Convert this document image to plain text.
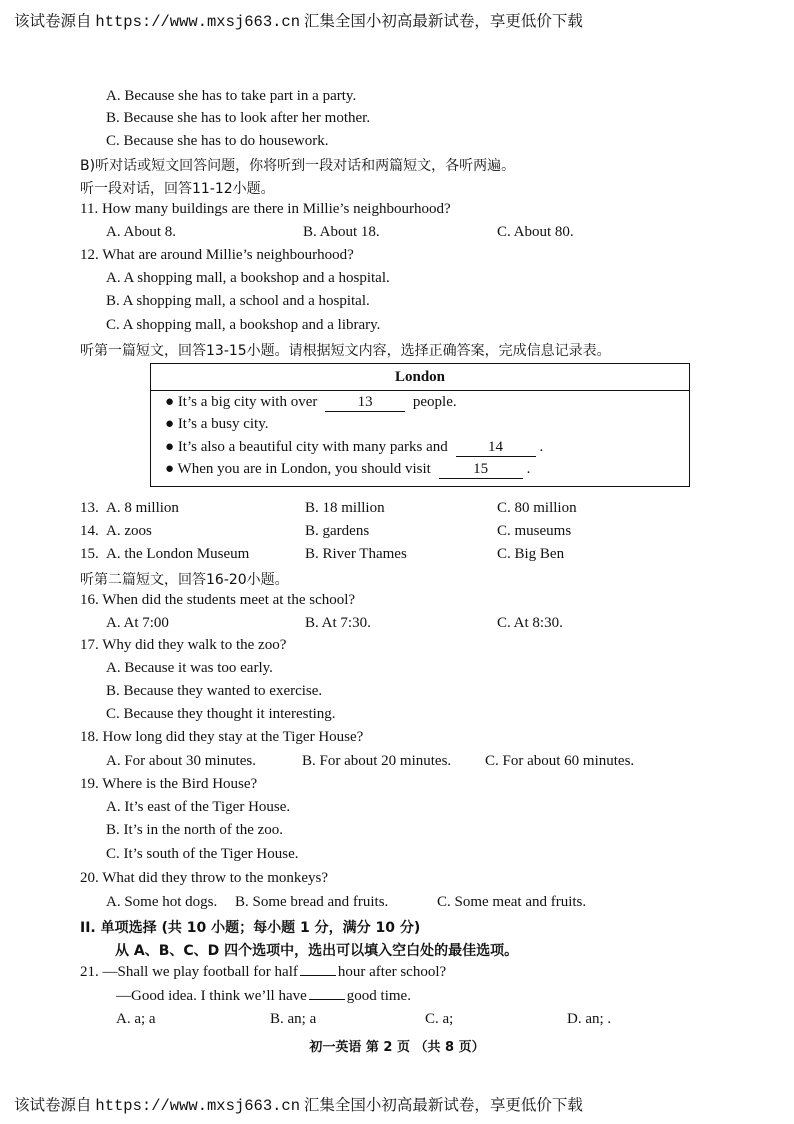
该试卷源自 https://www.mxsj663.cn 汇集全国小初高最新试卷，享更低价下载
A. Because she has to take part in a party.
B. Because she has to look after her mother.
C. Because she has to do housework.
B)听对话或短文回答问题，你将听到一段对话和两篇短文，各听两遍。
听一段对话，回答11-12小题。
11. How many buildings are there in Millie’s neighbourhood?
A. About 8.	B. About 18.	C. About 80.
12. What are around Millie’s neighbourhood?
A. A shopping mall, a bookshop and a hospital.
B. A shopping mall, a school and a hospital.
C. A shopping mall, a bookshop and a library.
听第一篇短文，回答13-15小题。请根据短文内容，选择正确答案，完成信息记录表。
London
● It’s a big city with over	13	people.
● It’s a busy city.
● It’s also a beautiful city with many parks and	14 .
● When you are in London, you should visit	15	.
13. A. 8 million	B. 18 million	C. 80 million
14. A. zoos	B. gardens	C. museums
15. A. the London Museum	B. River Thames	C. Big Ben
听第二篇短文，回答16-20小题。
16. When did the students meet at the school?
A. At 7:00	B. At 7:30.	C. At 8:30.
17. Why did they walk to the zoo?
A. Because it was too early.
B. Because they wanted to exercise.
C. Because they thought it interesting.
18. How long did they stay at the Tiger House?
A. For about 30 minutes.	B. For about 20 minutes. C. For about 60 minutes.
19. Where is the Bird House?
A. It’s east of the Tiger House.
B. It’s in the north of the zoo.
C. It’s south of the Tiger House.
20. What did they throw to the monkeys?
A. Some hot dogs. B. Some bread and fruits.	C. Some meat and fruits.
II. 单项选择 (共 10 小题；每小题 1 分，满分 10 分)
从 A、B、C、D 四个选项中，选出可以填入空白处的最佳选项。
21. —Shall we play football for half	hour after school?
—Good idea. I think we’ll have	good time.
A. a; a	B. an; a	C. a;	D. an; .
初一英语 第 2 页 （共 8 页）
该试卷源自 https://www.mxsj663.cn 汇集全国小初高最新试卷，享更低价下载
